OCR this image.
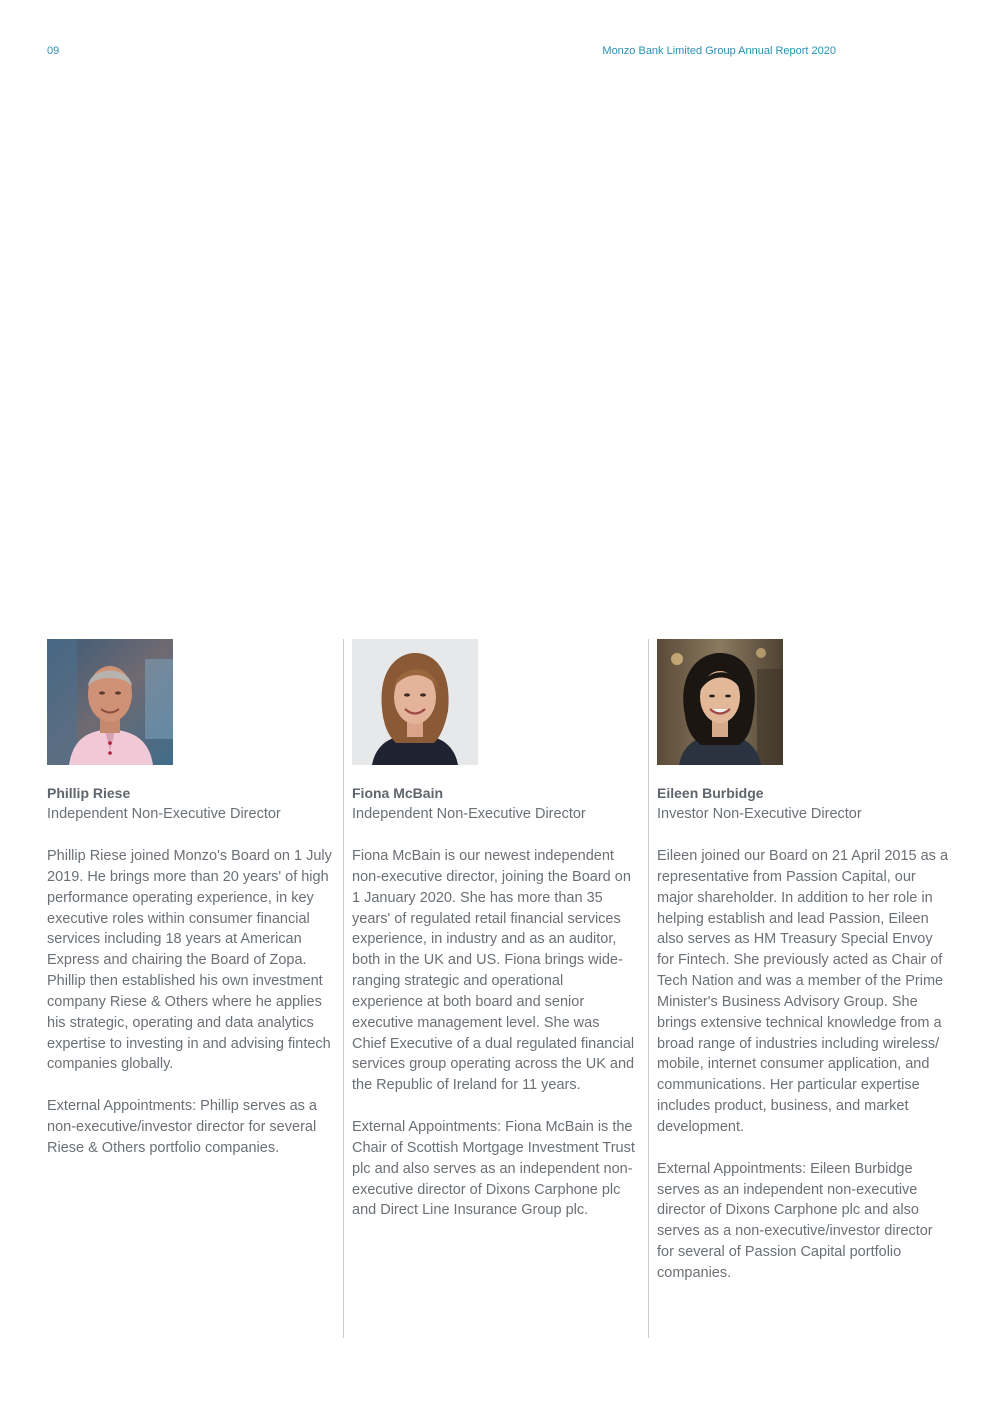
09	Monzo Bank Limited Group Annual Report 2020
Phillip Riese
Independent Non-Executive Director

Phillip Riese joined Monzo's Board on 1 July 2019. He brings more than 20 years' of high performance operating experience, in key executive roles within consumer financial services including 18 years at American Express and chairing the Board of Zopa. Phillip then established his own investment company Riese & Others where he applies his strategic, operating and data analytics expertise to investing in and advising fintech companies globally.

External Appointments: Phillip serves as a non-executive/investor director for several Riese & Others portfolio companies.

Fiona McBain
Independent Non-Executive Director

Fiona McBain is our newest independent non-executive director, joining the Board on 1 January 2020. She has more than 35 years' of regulated retail financial services experience, in industry and as an auditor, both in the UK and US. Fiona brings wide-ranging strategic and operational experience at both board and senior executive management level. She was Chief Executive of a dual regulated financial services group operating across the UK and the Republic of Ireland for 11 years.

External Appointments: Fiona McBain is the Chair of Scottish Mortgage Investment Trust plc and also serves as an independent non-executive director of Dixons Carphone plc and Direct Line Insurance Group plc.

Eileen Burbidge
Investor Non-Executive Director

Eileen joined our Board on 21 April 2015 as a representative from Passion Capital, our major shareholder. In addition to her role in helping establish and lead Passion, Eileen also serves as HM Treasury Special Envoy for Fintech. She previously acted as Chair of Tech Nation and was a member of the Prime Minister's Business Advisory Group. She brings extensive technical knowledge from a broad range of industries including wireless/ mobile, internet consumer application, and communications. Her particular expertise includes product, business, and market development.

External Appointments: Eileen Burbidge serves as an independent non-executive director of Dixons Carphone plc and also serves as a non-executive/investor director for several of Passion Capital portfolio companies.
